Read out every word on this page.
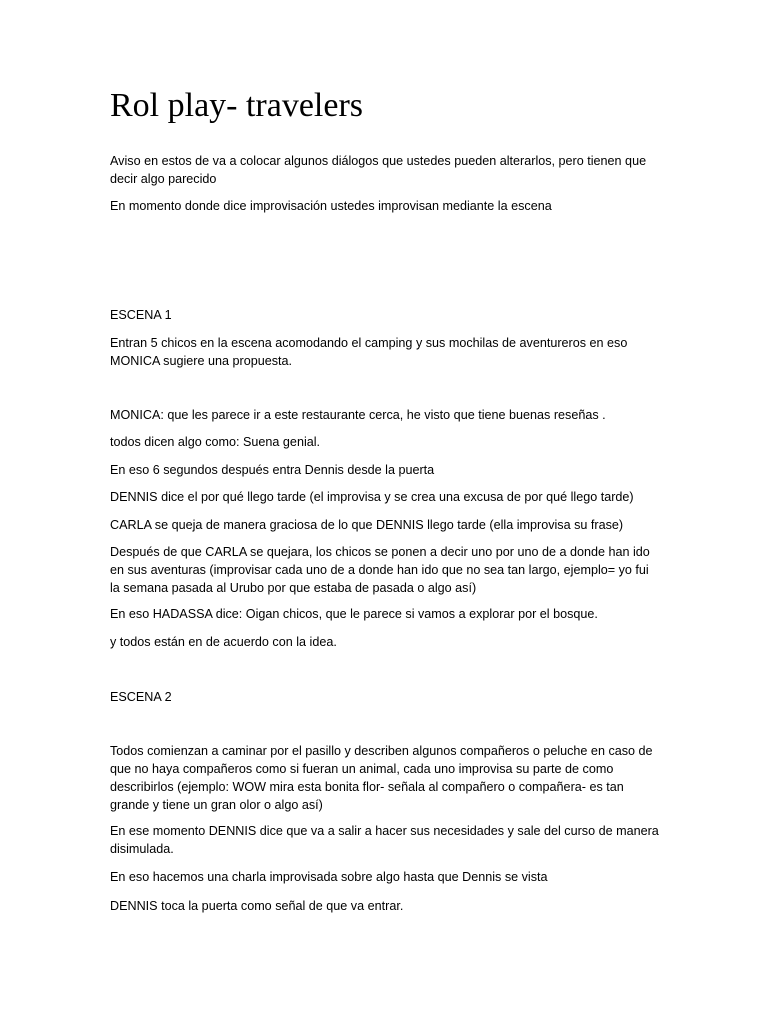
Rol play- travelers

Aviso en estos de va a colocar algunos diálogos que ustedes pueden alterarlos, pero tienen que decir algo parecido

En momento donde dice improvisación ustedes improvisan mediante la escena

ESCENA 1

Entran 5 chicos en la escena acomodando el camping y sus mochilas de aventureros en eso MONICA sugiere una propuesta.

MONICA: que les parece ir a este restaurante cerca, he visto que tiene buenas reseñas .

todos dicen algo como: Suena genial.

En eso 6 segundos después entra Dennis desde la puerta

DENNIS dice el por qué llego tarde (el improvisa y se crea una excusa de por qué llego tarde)

CARLA se queja de manera graciosa de lo que DENNIS llego tarde (ella improvisa su frase)

Después de que CARLA se quejara, los chicos se ponen a decir uno por uno de a donde han ido en sus aventuras (improvisar cada uno de a donde han ido que no sea tan largo, ejemplo= yo fui la semana pasada al Urubo por que estaba de pasada o algo así)

En eso HADASSA dice: Oigan chicos, que le parece si vamos a explorar por el bosque.

y todos están en de acuerdo con la idea.

ESCENA 2

Todos comienzan a caminar por el pasillo y describen algunos compañeros o peluche en caso de que no haya compañeros como si fueran un animal, cada uno improvisa su parte de como describirlos (ejemplo: WOW mira esta bonita flor- señala al compañero o compañera- es tan grande y tiene un gran olor o algo así)

En ese momento DENNIS dice que va a salir a hacer sus necesidades y sale del curso de manera disimulada.

En eso hacemos una charla improvisada sobre algo hasta que Dennis se vista

DENNIS toca la puerta como señal de que va entrar.
